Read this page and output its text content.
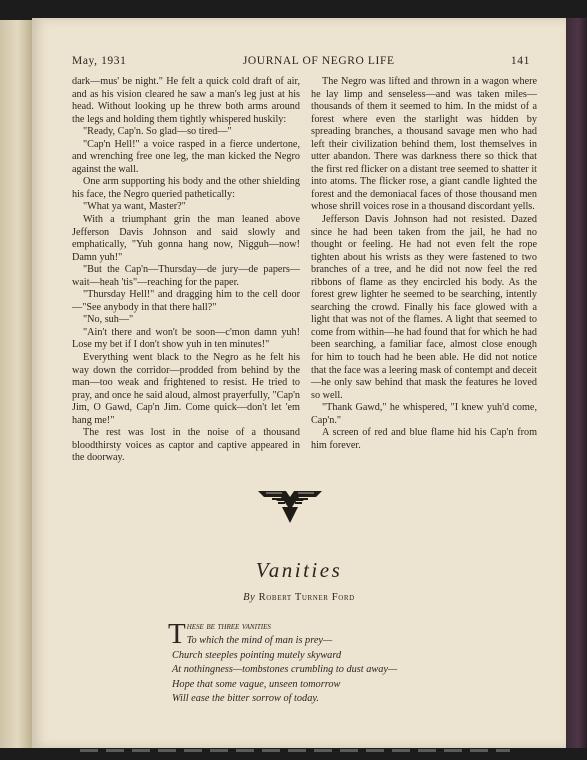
May, 1931	JOURNAL OF NEGRO LIFE	141

dark—mus' be night." He felt a quick cold draft of air, and as his vision cleared he saw a man's leg just at his head. Without looking up he threw both arms around the legs and holding them tightly whispered huskily:

"Ready, Cap'n. So glad—so tired—"

"Cap'n Hell!" a voice rasped in a fierce undertone, and wrenching free one leg, the man kicked the Negro against the wall.

One arm supporting his body and the other shielding his face, the Negro queried pathetically:

"What ya want, Master?"

With a triumphant grin the man leaned above Jefferson Davis Johnson and said slowly and emphatically, "Yuh gonna hang now, Nigguh—now! Damn yuh!"

"But the Cap'n—Thursday—de jury—de papers—wait—heah 'tis"—reaching for the paper.

"Thursday Hell!" and dragging him to the cell door—"See anybody in that there hall?"

"No, suh—"

"Ain't there and won't be soon—c'mon damn yuh! Lose my bet if I don't show yuh in ten minutes!"

Everything went black to the Negro as he felt his way down the corridor—prodded from behind by the man—too weak and frightened to resist. He tried to pray, and once he said aloud, almost prayerfully, "Cap'n Jim, O Gawd, Cap'n Jim. Come quick—don't let 'em hang me!"

The rest was lost in the noise of a thousand bloodthirsty voices as captor and captive appeared in the doorway.

The Negro was lifted and thrown in a wagon where he lay limp and senseless—and was taken miles—thousands of them it seemed to him. In the midst of a forest where even the starlight was hidden by spreading branches, a thousand savage men who had left their civilization behind them, lost themselves in utter abandon. There was darkness there so thick that the first red flicker on a distant tree seemed to shatter it into atoms. The flicker rose, a giant candle lighted the forest and the demoniacal faces of those thousand men whose shrill voices rose in a thousand discordant yells.

Jefferson Davis Johnson had not resisted. Dazed since he had been taken from the jail, he had no thought or feeling. He had not even felt the rope tighten about his wrists as they were fastened to two branches of a tree, and he did not now feel the red ribbons of flame as they encircled his body. As the forest grew lighter he seemed to be searching, intently searching the crowd. Finally his face glowed with a light that was not of the flames. A light that seemed to come from within—he had found that for which he had been searching, a familiar face, almost close enough for him to touch had he been able. He did not notice that the face was a leering mask of contempt and deceit—he only saw behind that mask the features he loved so well.

"Thank Gawd," he whispered, "I knew yuh'd come, Cap'n."

A screen of red and blue flame hid his Cap'n from him forever.

Vanities
By Robert Turner Ford
T hese be three vanities
To which the mind of man is prey—
Church steeples pointing mutely skyward
At nothingness—tombstones crumbling to dust away—
Hope that some vague, unseen tomorrow
Will ease the bitter sorrow of today.
